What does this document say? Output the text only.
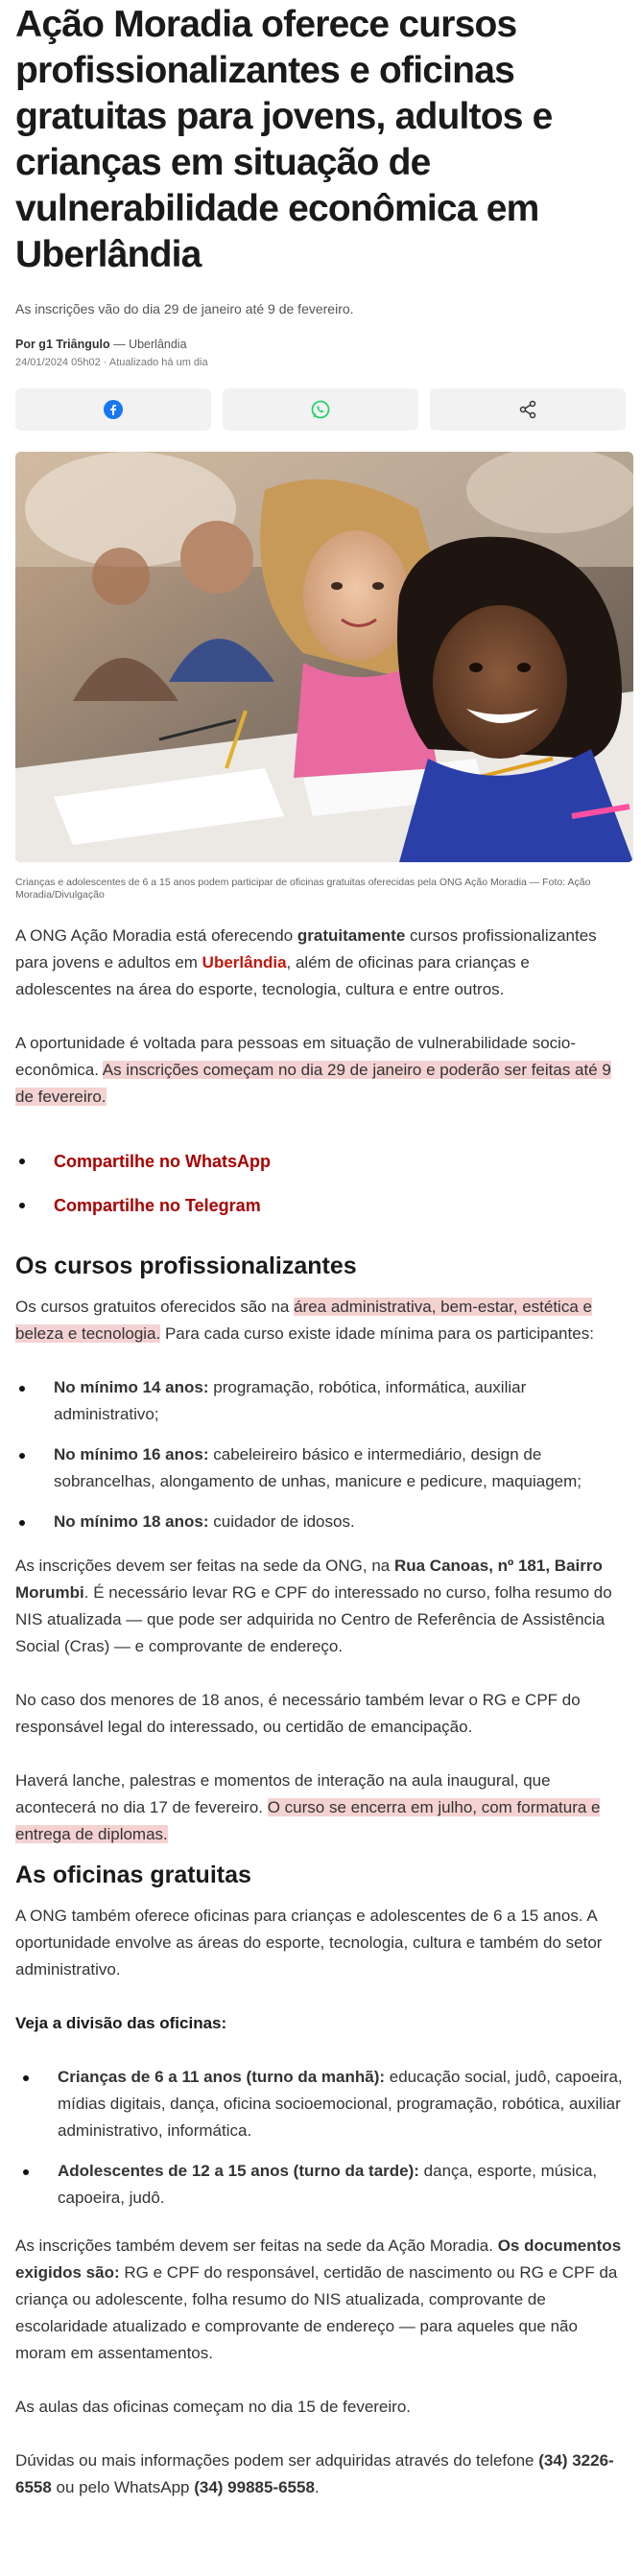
Ação Moradia oferece cursos profissionalizantes e oficinas gratuitas para jovens, adultos e crianças em situação de vulnerabilidade econômica em Uberlândia

As inscrições vão do dia 29 de janeiro até 9 de fevereiro.

Por g1 Triângulo — Uberlândia
24/01/2024 05h02 · Atualizado há um dia

Crianças e adolescentes de 6 a 15 anos podem participar de oficinas gratuitas oferecidas pela ONG Ação Moradia — Foto: Ação Moradia/Divulgação

A ONG Ação Moradia está oferecendo gratuitamente cursos profissionalizantes para jovens e adultos em Uberlândia, além de oficinas para crianças e adolescentes na área do esporte, tecnologia, cultura e entre outros.

A oportunidade é voltada para pessoas em situação de vulnerabilidade socio-econômica. As inscrições começam no dia 29 de janeiro e poderão ser feitas até 9 de fevereiro.

Compartilhe no WhatsApp
Compartilhe no Telegram
Os cursos profissionalizantes

Os cursos gratuitos oferecidos são na área administrativa, bem-estar, estética e beleza e tecnologia. Para cada curso existe idade mínima para os participantes:

No mínimo 14 anos: programação, robótica, informática, auxiliar administrativo;
No mínimo 16 anos: cabeleireiro básico e intermediário, design de sobrancelhas, alongamento de unhas, manicure e pedicure, maquiagem;
No mínimo 18 anos: cuidador de idosos.

As inscrições devem ser feitas na sede da ONG, na Rua Canoas, nº 181, Bairro Morumbi. É necessário levar RG e CPF do interessado no curso, folha resumo do NIS atualizada — que pode ser adquirida no Centro de Referência de Assistência Social (Cras) — e comprovante de endereço.

No caso dos menores de 18 anos, é necessário também levar o RG e CPF do responsável legal do interessado, ou certidão de emancipação.

Haverá lanche, palestras e momentos de interação na aula inaugural, que acontecerá no dia 17 de fevereiro. O curso se encerra em julho, com formatura e entrega de diplomas.

As oficinas gratuitas

A ONG também oferece oficinas para crianças e adolescentes de 6 a 15 anos. A oportunidade envolve as áreas do esporte, tecnologia, cultura e também do setor administrativo.

Veja a divisão das oficinas:

Crianças de 6 a 11 anos (turno da manhã): educação social, judô, capoeira, mídias digitais, dança, oficina socioemocional, programação, robótica, auxiliar administrativo, informática.
Adolescentes de 12 a 15 anos (turno da tarde): dança, esporte, música, capoeira, judô.

As inscrições também devem ser feitas na sede da Ação Moradia. Os documentos exigidos são: RG e CPF do responsável, certidão de nascimento ou RG e CPF da criança ou adolescente, folha resumo do NIS atualizada, comprovante de escolaridade atualizado e comprovante de endereço — para aqueles que não moram em assentamentos.

As aulas das oficinas começam no dia 15 de fevereiro.

Dúvidas ou mais informações podem ser adquiridas através do telefone (34) 3226-6558 ou pelo WhatsApp (34) 99885-6558.
